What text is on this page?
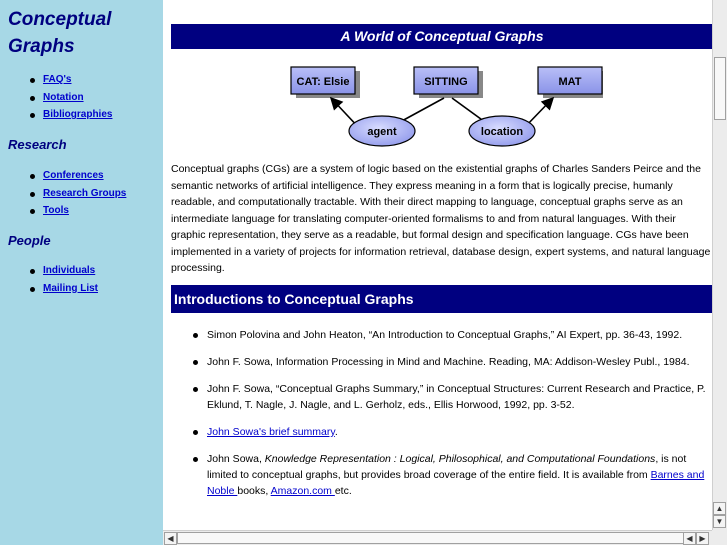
Conceptual Graphs
FAQ's
Notation
Bibliographies
Research
Conferences
Research Groups
Tools
People
Individuals
Mailing List
A World of Conceptual Graphs
CAT: Elsie	SITTING	MAT
agent	location

Conceptual graphs (CGs) are a system of logic based on the existential graphs of Charles Sanders Peirce and the semantic networks of artificial intelligence. They express meaning in a form that is logically precise, humanly readable, and computationally tractable. With their direct mapping to language, conceptual graphs serve as an intermediate language for translating computer-oriented formalisms to and from natural languages. With their graphic representation, they serve as a readable, but formal design and specification language. CGs have been implemented in a variety of projects for information retrieval, database design, expert systems, and natural language processing.

Introductions to Conceptual Graphs
Simon Polovina and John Heaton, “An Introduction to Conceptual Graphs,” AI Expert, pp. 36-43, 1992.
John F. Sowa, Information Processing in Mind and Machine. Reading, MA: Addison-Wesley Publ., 1984.
John F. Sowa, “Conceptual Graphs Summary,” in Conceptual Structures: Current Research and Practice, P. Eklund, T. Nagle, J. Nagle, and L. Gerholz, eds., Ellis Horwood, 1992, pp. 3-52.
John Sowa's brief summary.
John Sowa, Knowledge Representation : Logical, Philosophical, and Computational Foundations, is not limited to conceptual graphs, but provides broad coverage of the entire field. It is available from Barnes and Noble books, Amazon.com etc.
▲
▼
◀	◀ ▶
